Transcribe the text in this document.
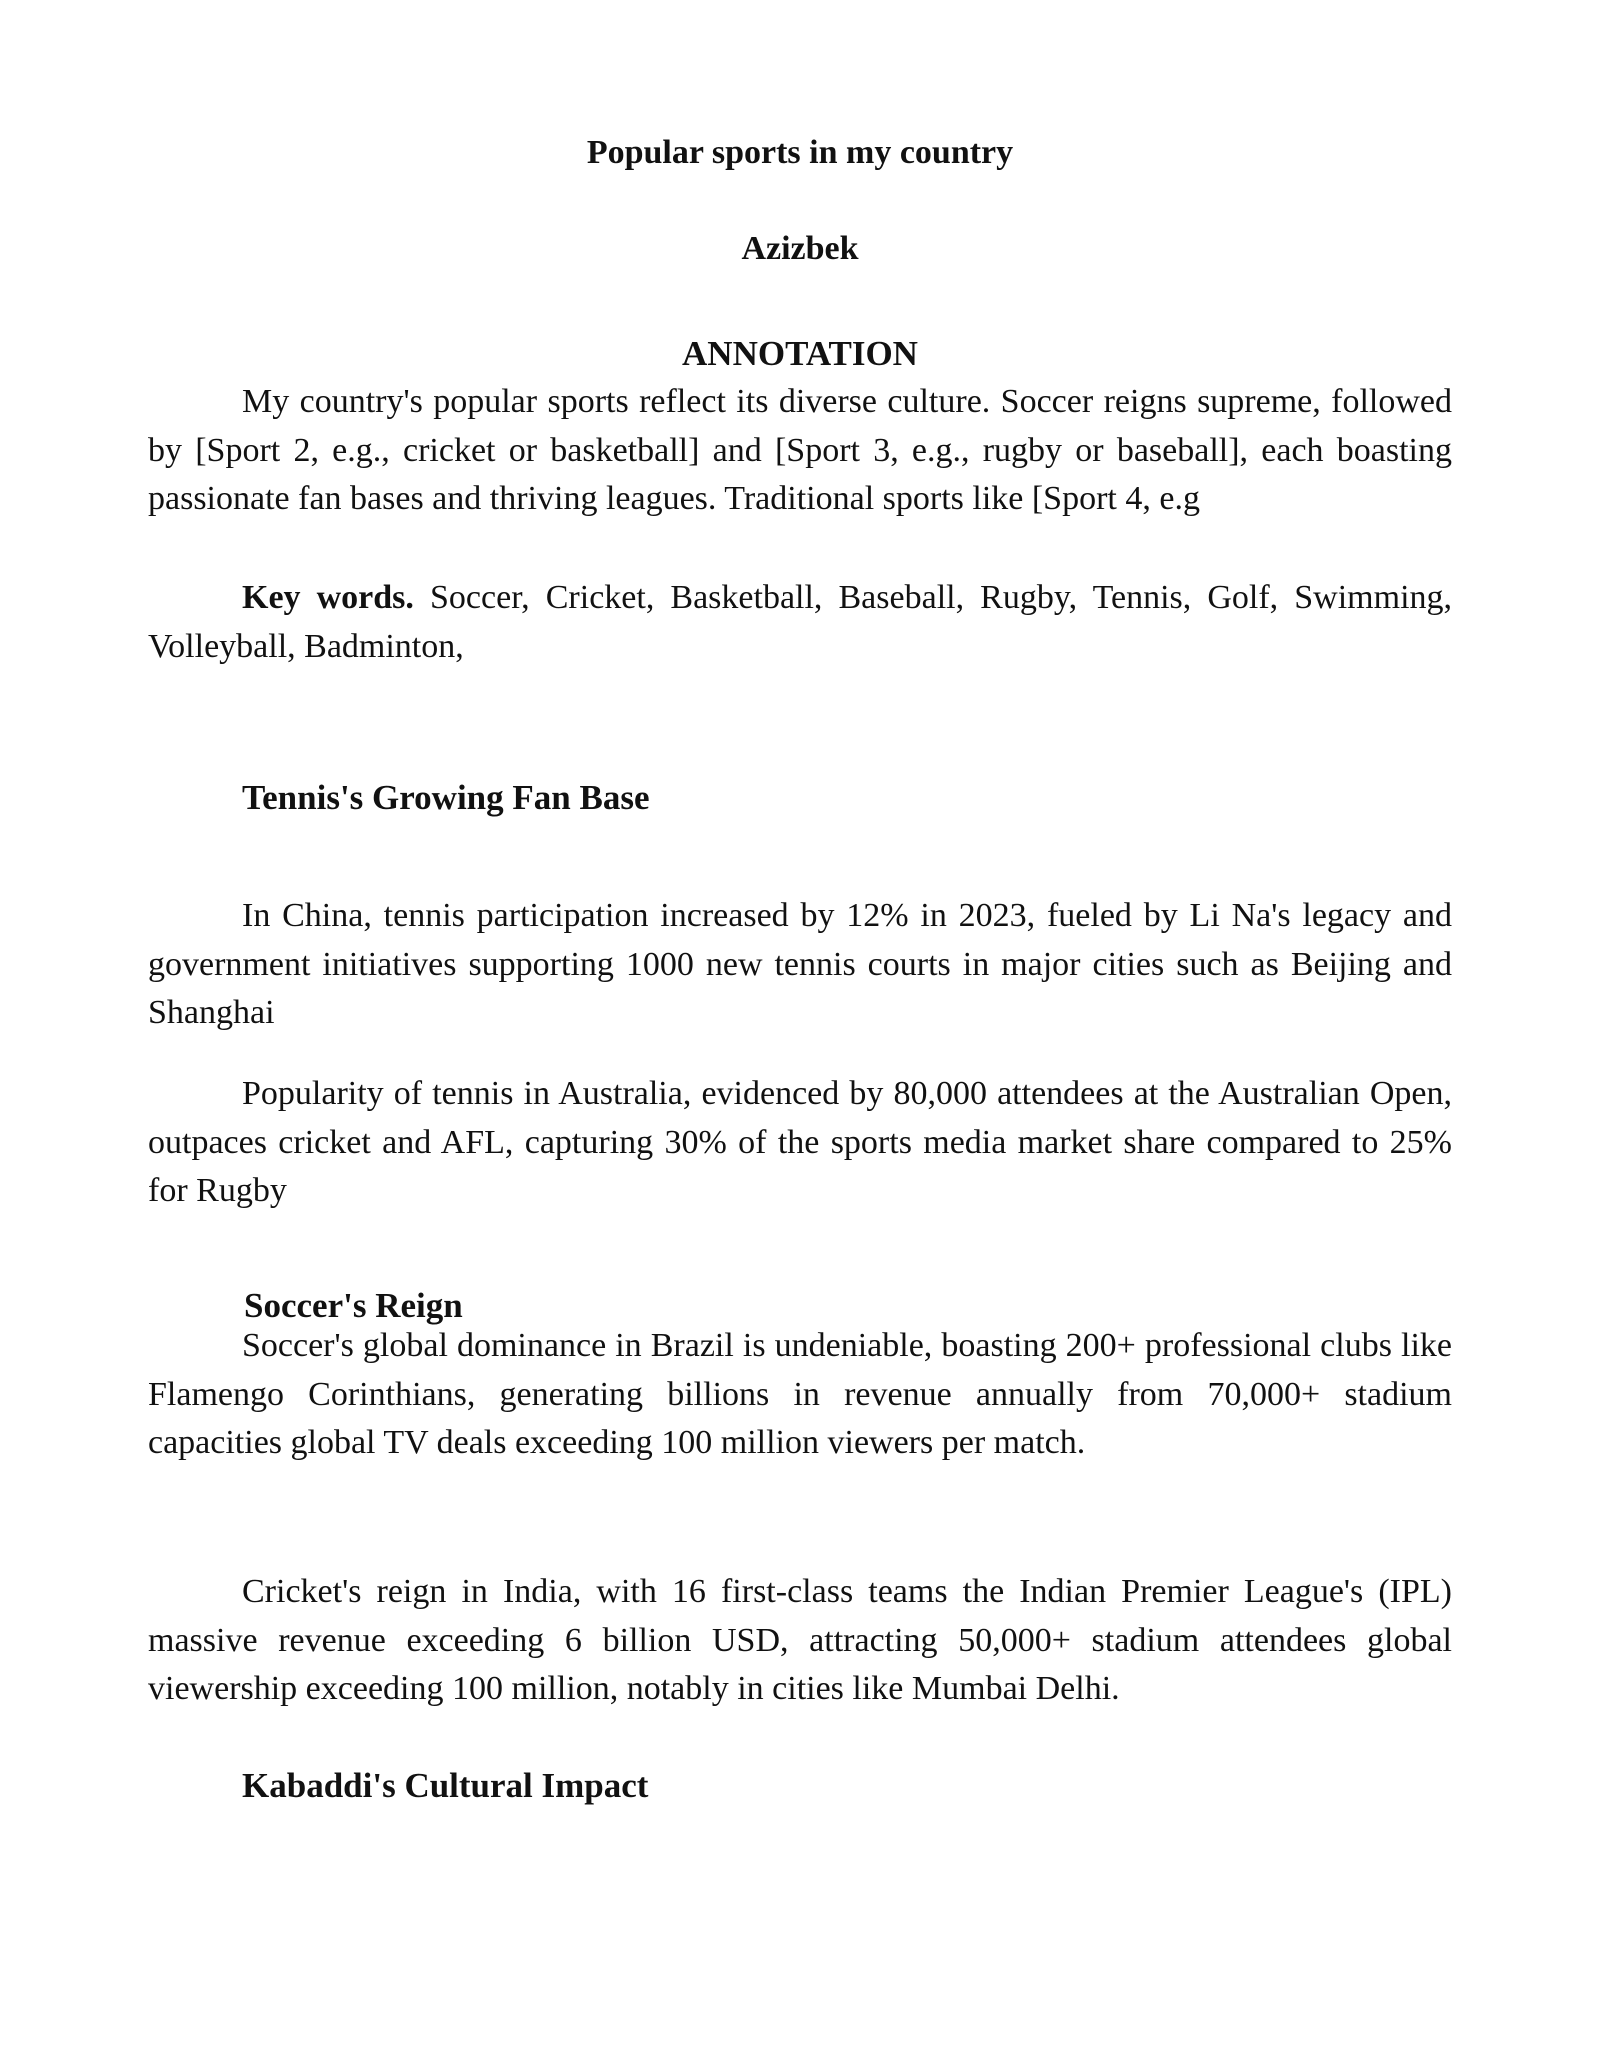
Popular sports in my country
Azizbek
ANNOTATION

My country's popular sports reflect its diverse culture. Soccer reigns supreme, followed by [Sport 2, e.g., cricket or basketball] and [Sport 3, e.g., rugby or baseball], each boasting passionate fan bases and thriving leagues. Traditional sports like [Sport 4, e.g

Key words. Soccer, Cricket, Basketball, Baseball, Rugby, Tennis, Golf, Swimming, Volleyball, Badminton,

Tennis's Growing Fan Base

In China, tennis participation increased by 12% in 2023, fueled by Li Na's legacy and government initiatives supporting 1000 new tennis courts in major cities such as Beijing and Shanghai

Popularity of tennis in Australia, evidenced by 80,000 attendees at the Australian Open, outpaces cricket and AFL, capturing 30% of the sports media market share compared to 25% for Rugby

Soccer's Reign

Soccer's global dominance in Brazil is undeniable, boasting 200+ professional clubs like Flamengo Corinthians, generating billions in revenue annually from 70,000+ stadium capacities global TV deals exceeding 100 million viewers per match.

Cricket's reign in India, with 16 first-class teams the Indian Premier League's (IPL) massive revenue exceeding 6 billion USD, attracting 50,000+ stadium attendees global viewership exceeding 100 million, notably in cities like Mumbai Delhi.

Kabaddi's Cultural Impact
